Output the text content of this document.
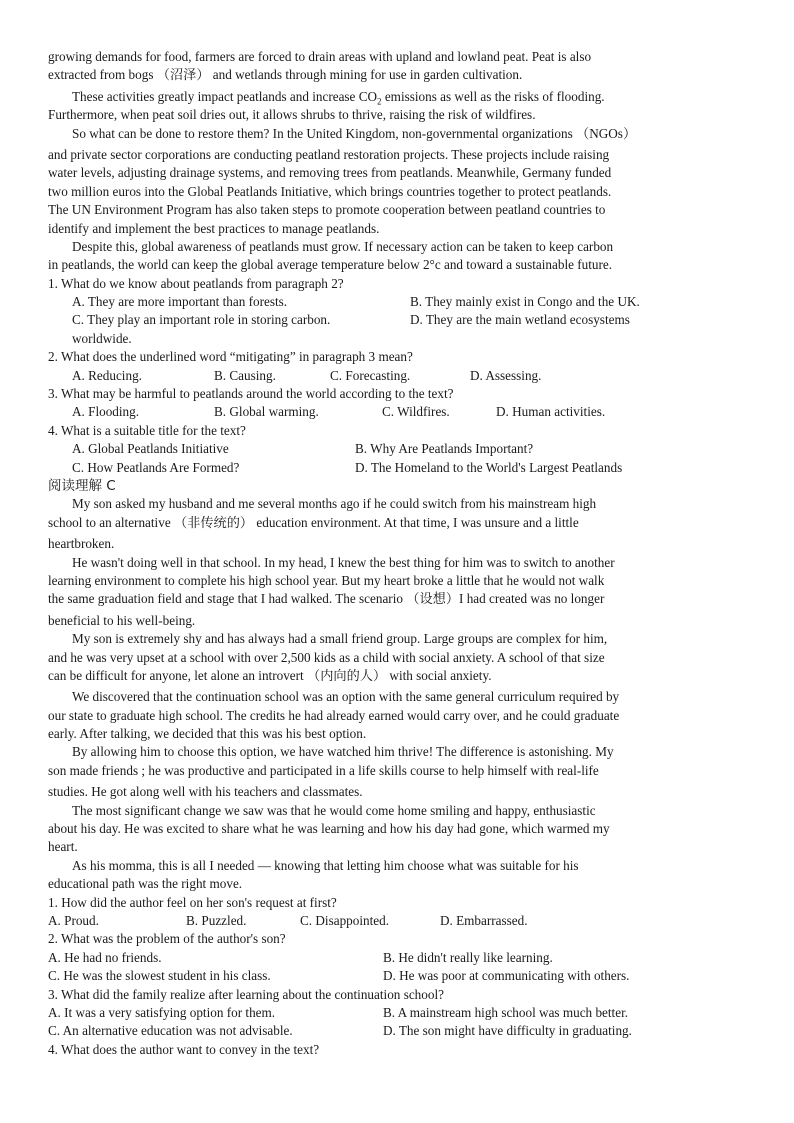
growing demands for food, farmers are forced to drain areas with upland and lowland peat. Peat is also
extracted from bogs （沼泽） and wetlands through mining for use in garden cultivation.
These activities greatly impact peatlands and increase $CO_2$ emissions as well as the risks of flooding.
Furthermore, when peat soil dries out, it allows shrubs to thrive, raising the risk of wildfires.
So what can be done to restore them? In the United Kingdom, non-governmental organizations （NGOs）
and private sector corporations are conducting peatland restoration projects. These projects include raising
water levels, adjusting drainage systems, and removing trees from peatlands. Meanwhile, Germany funded
two million euros into the Global Peatlands Initiative, which brings countries together to protect peatlands.
The UN Environment Program has also taken steps to promote cooperation between peatland countries to
identify and implement the best practices to manage peatlands.
Despite this, global awareness of peatlands must grow. If necessary action can be taken to keep carbon
in peatlands, the world can keep the global average temperature below 2°c and toward a sustainable future.
1. What do we know about peatlands from paragraph 2?
A. They are more important than forests.	B. They mainly exist in Congo and the UK.
C. They play an important role in storing carbon.	D. They are the main wetland ecosystems
worldwide.
2. What does the underlined word “mitigating” in paragraph 3 mean?
A. Reducing.	B. Causing.	C. Forecasting.	D. Assessing.
3. What may be harmful to peatlands around the world according to the text?
A. Flooding.	B. Global warming.	C. Wildfires.	D. Human activities.
4. What is a suitable title for the text?
A. Global Peatlands Initiative	B. Why Are Peatlands Important?
C. How Peatlands Are Formed?	D. The Homeland to the World's Largest Peatlands
阅读理解 C
My son asked my husband and me several months ago if he could switch from his mainstream high
school to an alternative （非传统的） education environment. At that time, I was unsure and a little
heartbroken.
He wasn't doing well in that school. In my head, I knew the best thing for him was to switch to another
learning environment to complete his high school year. But my heart broke a little that he would not walk
the same graduation field and stage that I had walked. The scenario （设想）I had created was no longer
beneficial to his well-being.
My son is extremely shy and has always had a small friend group. Large groups are complex for him,
and he was very upset at a school with over 2,500 kids as a child with social anxiety. A school of that size
can be difficult for anyone, let alone an introvert （内向的人） with social anxiety.
We discovered that the continuation school was an option with the same general curriculum required by
our state to graduate high school. The credits he had already earned would carry over, and he could graduate
early. After talking, we decided that this was his best option.
By allowing him to choose this option, we have watched him thrive! The difference is astonishing. My
son made friends ; he was productive and participated in a life skills course to help himself with real-life
studies. He got along well with his teachers and classmates.
The most significant change we saw was that he would come home smiling and happy, enthusiastic
about his day. He was excited to share what he was learning and how his day had gone, which warmed my
heart.
As his momma, this is all I needed — knowing that letting him choose what was suitable for his
educational path was the right move.
1. How did the author feel on her son's request at first?
A. Proud.	B. Puzzled.	C. Disappointed.	D. Embarrassed.
2. What was the problem of the author's son?
A. He had no friends.	B. He didn't really like learning.
C. He was the slowest student in his class.	D. He was poor at communicating with others.
3. What did the family realize after learning about the continuation school?
A. It was a very satisfying option for them.	B. A mainstream high school was much better.
C. An alternative education was not advisable.	D. The son might have difficulty in graduating.
4. What does the author want to convey in the text?
